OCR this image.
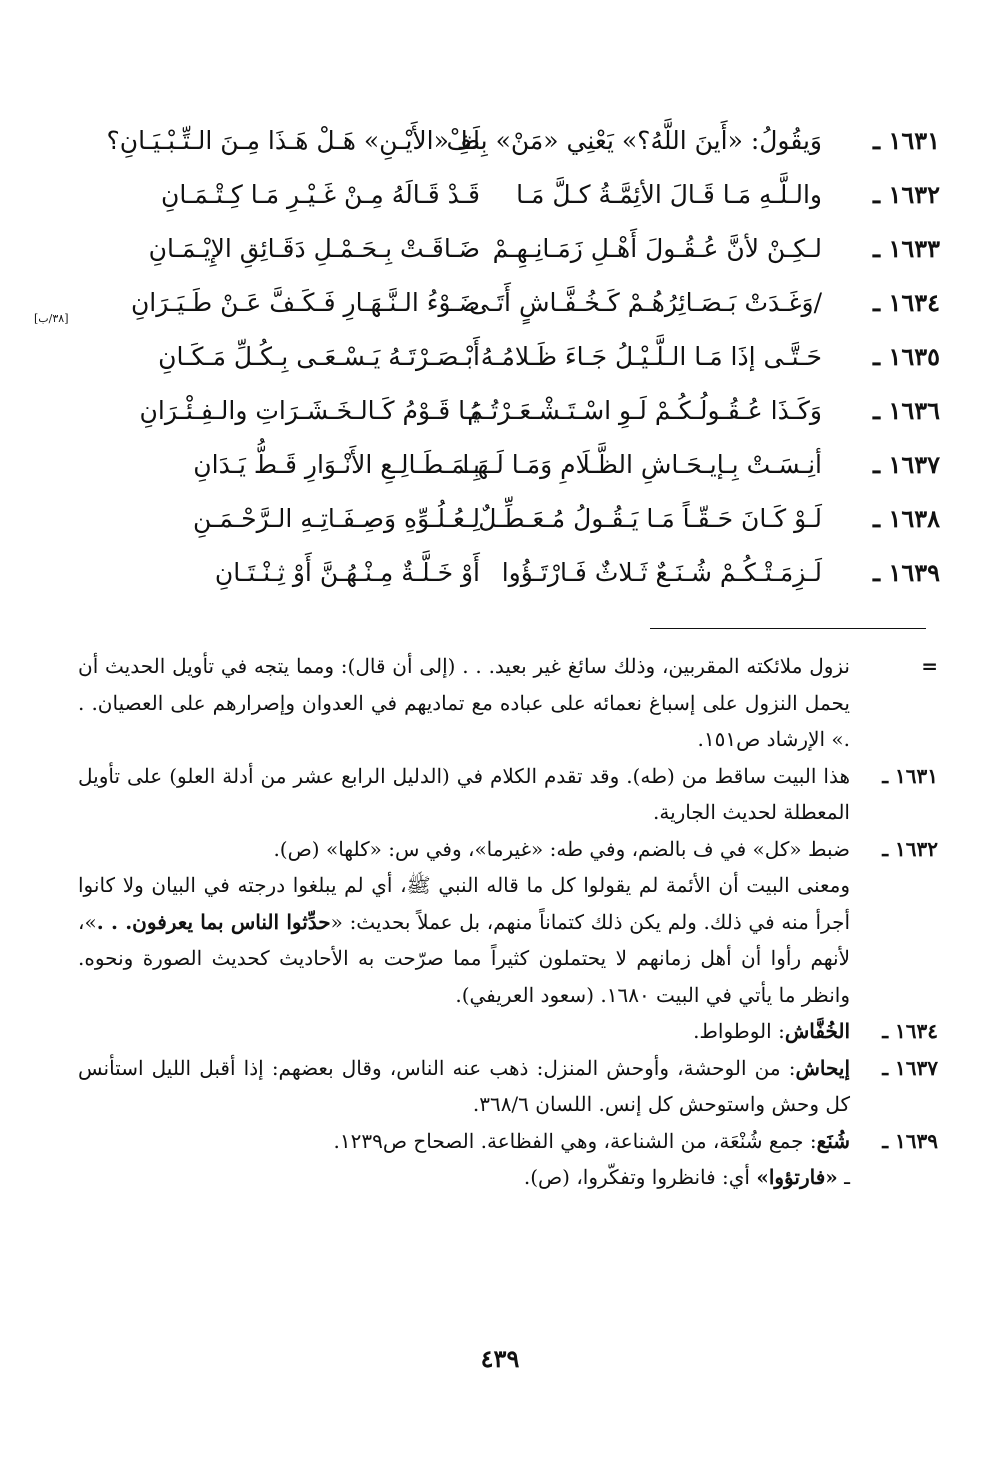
١٦٣١ ـ
وَيقُولُ: «أَينَ اللَّهُ؟» يَعْنِي «مَنْ» بِلَفْ
ظِ «الأَيْـنِ» هَـلْ هَـذَا مِـنَ الـتِّـبْـيَـانِ؟
١٦٣٢ ـ
والـلَّـهِ مَـا قَـالَ الأئِمَّـةُ كـلَّ مَـا
قَـدْ قَـالَهُ مِـنْ غَـيْـرِ مَـا كِـتْـمَـانِ
١٦٣٣ ـ
لـكِـنْ لأنَّ عُـقُـولَ أَهْـلِ زَمَـانِـهِـمْ
ضَـاقَـتْ بِـحَـمْـلِ دَقَـائِقِ الإِيْـمَـانِ
١٦٣٤ ـ
/وَغَـدَتْ بَـصَـائِرُهُـمْ كَـخُـفَّـاشٍ أَتَـى
ضَـوْءُ الـنَّـهَـارِ فَـكَـفَّ عَـنْ طَـيَـرَانِ
١٦٣٥ ـ
حَـتَّـى إذَا مَـا الـلَّـيْـلُ جَـاءَ ظَـلامُـهُ
أَبْـصَـرْتَـهُ يَـسْـعَـى بِـكُـلِّ مَـكَـانِ
١٦٣٦ ـ
وَكَـذَا عُـقُـولُـكُـمْ لَـوِ اسْـتَـشْـعَـرْتُـمُ
يَـا قَـوْمُ كَـالـخَـشَـرَاتِ والـفِـئْـرَانِ
١٦٣٧ ـ
أنِـسَـتْ بِـإيـحَـاشِ الظَّـلَامِ وَمَـا لَـهَـا
بِـمَـطَـالِـعِ الأَنْـوَارِ قَـطُّ يَـدَانِ
١٦٣٨ ـ
لَـوْ كَـانَ حَـقّـاً مَـا يَـقُـولُ مُـعَـطِّـلٌ
لِـعُـلُـوِّهِ وَصِـفَـاتِـهِ الـرَّحْـمَـنِ
١٦٣٩ ـ
لَـزِمَـتْـكُـمْ شُـنَـعٌ ثَـلاثٌ فَـارْتَـؤُوا
أَوْ خَـلَّـةٌ مِـنْـهُـنَّ أَوْ ثِـنْـتَـانِ
[٣٨/ب]
=

نزول ملائكته المقربين، وذلك سائغ غير بعيد. . . (إلى أن قال): ومما يتجه في تأويل الحديث أن يحمل النزول على إسباغ نعمائه على عباده مع تماديهم في العدوان وإصرارهم على العصيان. . .» الإرشاد ص١٥١.

١٦٣١ ـ

هذا البيت ساقط من (طه). وقد تقدم الكلام في (الدليل الرابع عشر من أدلة العلو) على تأويل المعطلة لحديث الجارية.

١٦٣٢ ـ

ضبط «كل» في ف بالضم، وفي طه: «غيرما»، وفي س: «كلها» (ص).

ومعنى البيت أن الأئمة لم يقولوا كل ما قاله النبي ﷺ، أي لم يبلغوا درجته في البيان ولا كانوا أجرأ منه في ذلك. ولم يكن ذلك كتماناً منهم، بل عملاً بحديث: «حدِّثوا الناس بما يعرفون. . .»، لأنهم رأوا أن أهل زمانهم لا يحتملون كثيراً مما صرّحت به الأحاديث كحديث الصورة ونحوه. وانظر ما يأتي في البيت ١٦٨٠. (سعود العريفي).

١٦٣٤ ـ

الخُفَّاش: الوطواط.

١٦٣٧ ـ

إيحاش: من الوحشة، وأوحش المنزل: ذهب عنه الناس، وقال بعضهم: إذا أقبل الليل استأنس كل وحش واستوحش كل إنس. اللسان ٣٦٨/٦.

١٦٣٩ ـ

شُنَع: جمع شُنْعَة، من الشناعة، وهي الفظاعة. الصحاح ص١٢٣٩.

ـ «فارتؤوا» أي: فانظروا وتفكّروا، (ص).

٤٣٩
